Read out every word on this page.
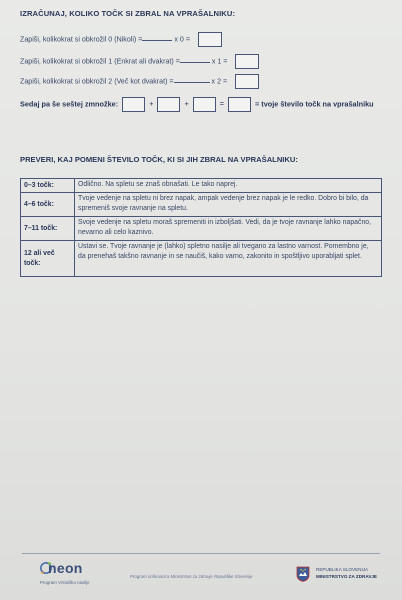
IZRAČUNAJ, KOLIKO TOČK SI ZBRAL NA VPRAŠALNIKU:
Zapiši, kolikokrat si obkrožil 0 (Nikoli) =	x 0 =
Zapiši, kolikokrat si obkrožil 1 (Enkrat ali dvakrat) =	x 1 =
Zapiši, kolikokrat si obkrožil 2 (Več kot dvakrat) =	x 2 =
Sedaj pa še seštej zmnožke:	+	+	=	= tvoje število točk na vprašalniku
PREVERI, KAJ POMENI ŠTEVILO TOČK, KI SI JIH ZBRAL NA VPRAŠALNIKU:
0–3 točk:	Odlično. Na spletu se znaš obnašati. Le tako naprej.
4–6 točk:	Tvoje vedenje na spletu ni brez napak, ampak vedenje brez napak je le redko. Dobro bi bilo, da spremeniš svoje ravnanje na spletu.
7–11 točk:	Svoje vedenje na spletu moraš spremeniti in izboljšati. Vedi, da je tvoje ravnanje lahko napačno, nevarno ali celo kaznivo.
12 ali več točk:	Ustavi se. Tvoje ravnanje je (lahko) spletno nasilje ali tvegano za lastno varnost. Pomembno je, da prenehaš takšno ravnanje in se naučiš, kako varno, zakonito in spoštljivo uporabljati splet.
neon
Program Vrstniško nasilje
Program sofinancira Ministrstvo za zdravje Republike Slovenije
REPUBLIKA SLOVENIJA
MINISTRSTVO ZA ZDRAVJE
